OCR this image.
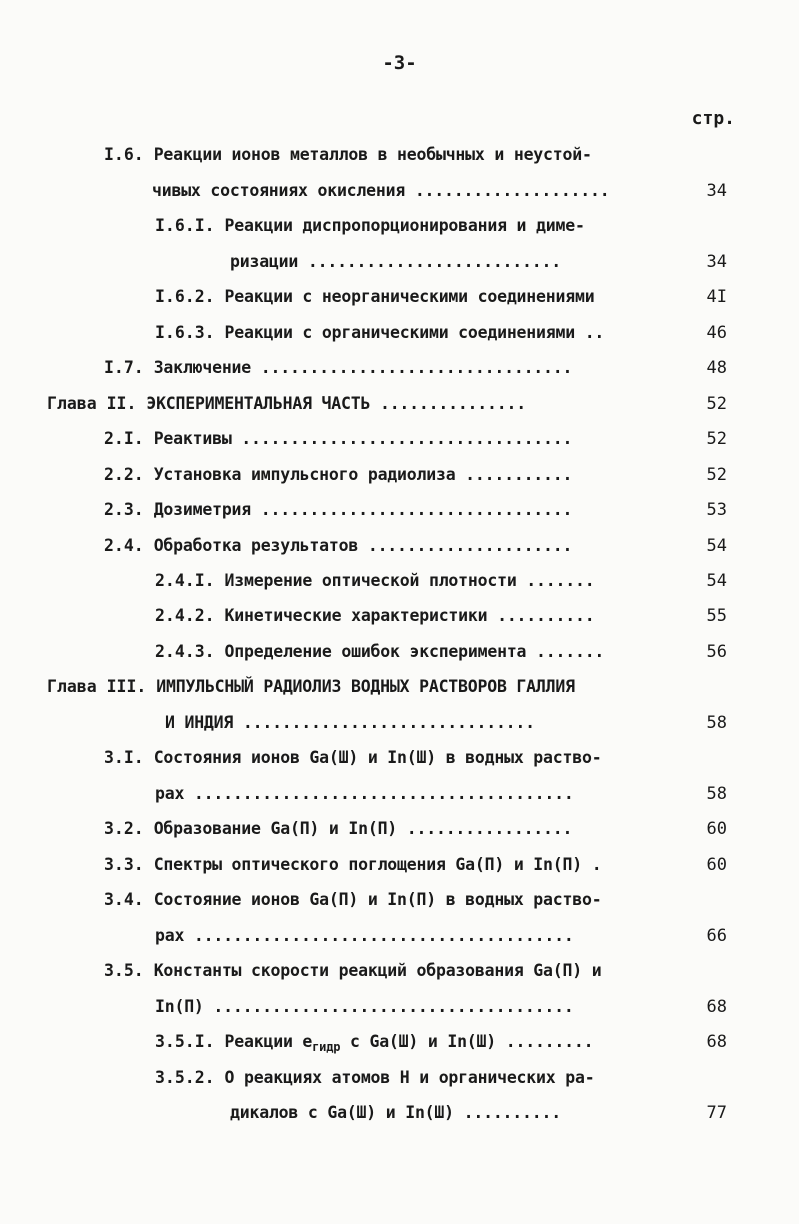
-3-
стр.
I.6. Реакции ионов металлов в необычных и неустой-
чивых состояниях окисления ....................	34
I.6.I. Реакции диспропорционирования и диме-
ризации ..........................	34
I.6.2. Реакции с неорганическими соединениями	4I
I.6.3. Реакции с органическими соединениями ..	46
I.7. Заключение ................................	48
Глава II. ЭКСПЕРИМЕНТАЛЬНАЯ ЧАСТЬ ...............	52
2.I. Реактивы ..................................	52
2.2. Установка импульсного радиолиза ...........	52
2.3. Дозиметрия ................................	53
2.4. Обработка результатов .....................	54
2.4.I. Измерение оптической плотности .......	54
2.4.2. Кинетические характеристики ..........	55
2.4.3. Определение ошибок эксперимента .......	56
Глава III. ИМПУЛЬСНЫЙ РАДИОЛИЗ ВОДНЫХ РАСТВОРОВ ГАЛЛИЯ
И ИНДИЯ ..............................	58
3.I. Состояния ионов Ga(Ш) и In(Ш) в водных раство-
рах .......................................	58
3.2. Образование Ga(П) и In(П) .................	60
3.3. Спектры оптического поглощения Ga(П) и In(П) .	60
3.4. Состояние ионов Ga(П) и In(П) в водных раство-
рах .......................................	66
3.5. Константы скорости реакций образования Ga(П) и
In(П) .....................................	68
3.5.I. Реакции $e_{гидр}$ с Ga(Ш) и In(Ш) .........	68
3.5.2. О реакциях атомов Н и органических ра-
дикалов с Ga(Ш) и In(Ш) ..........	77
